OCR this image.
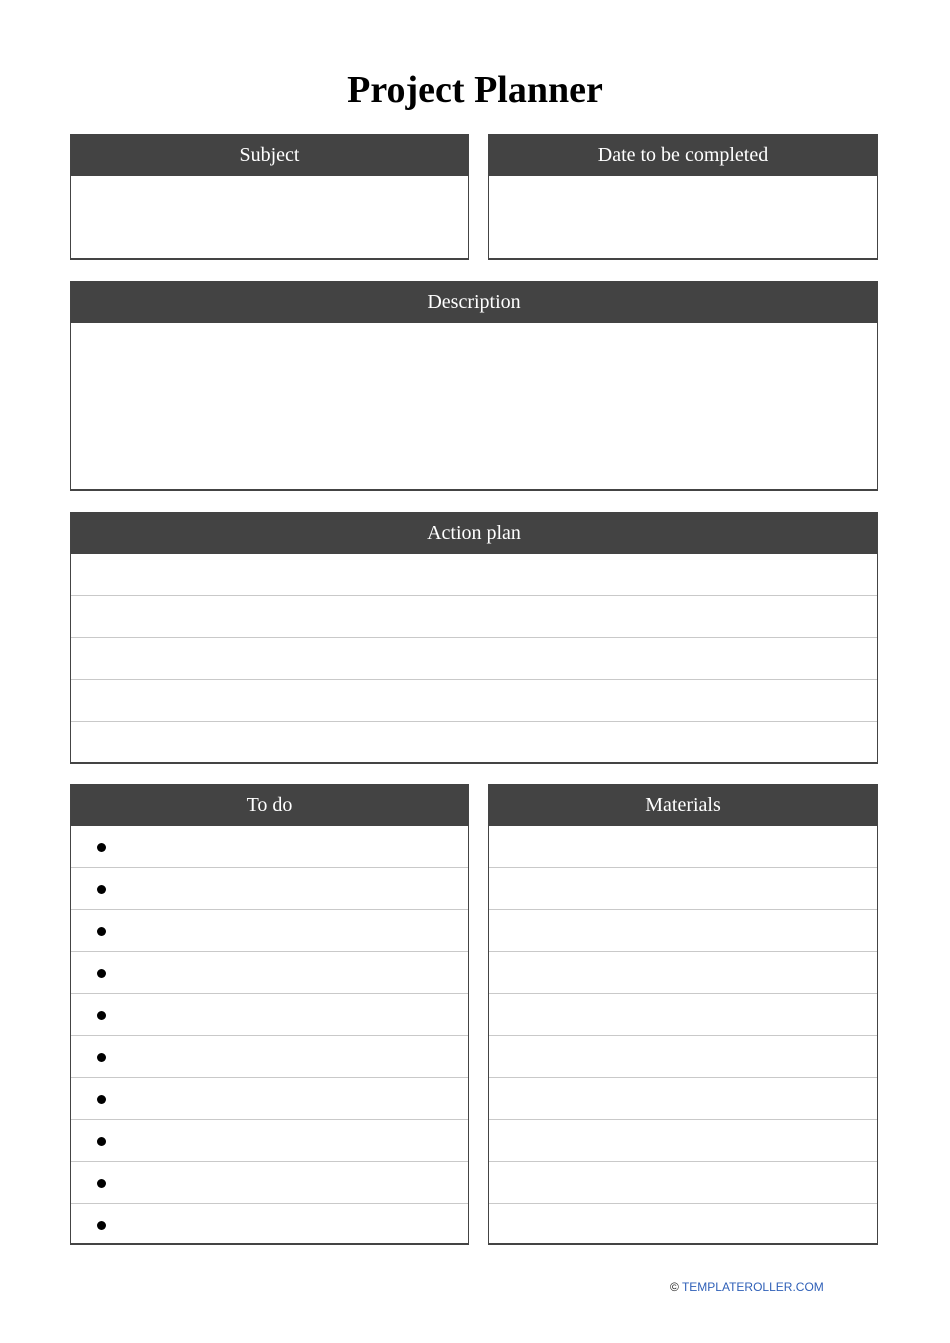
Project Planner
Subject	Date to be completed
Description
Action plan
To do	Materials
© TEMPLATEROLLER.COM
